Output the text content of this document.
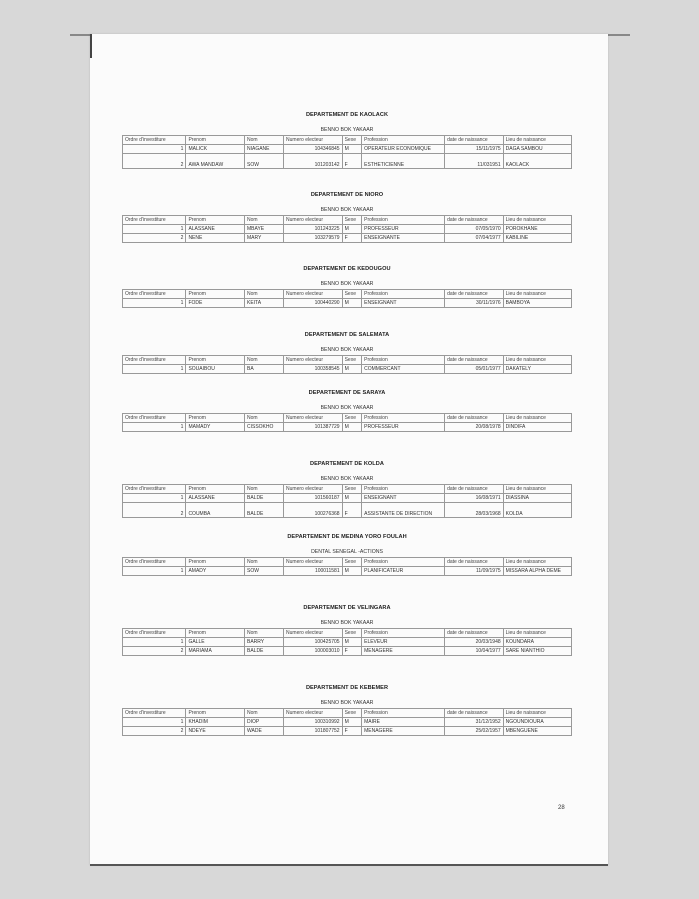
DEPARTEMENT DE KAOLACK
BENNO BOK YAKAAR
Ordre d'investiture	Prenom	Nom	Numero electeur	Sexe	Profession	date de naissance	Lieu de naissance
1	MALICK	NIAGANE	104346845	M	OPERATEUR ECONOMIQUE	15/11/1975	DAGA SAMBOU
2	AWA MANDAW	SOW	101203142	F	ESTHETICIENNE	11/031951	KAOLACK
DEPARTEMENT DE NIORO
BENNO BOK YAKAAR
Ordre d'investiture	Prenom	Nom	Numero electeur	Sexe	Profession	date de naissance	Lieu de naissance
1	ALASSANE	MBAYE	101243225	M	PROFESSEUR	07/05/1970	POROKHANE
2	NENE	MARY	103279579	F	ENSEIGNANTE	07/04/1977	KABILINE
DEPARTEMENT DE KEDOUGOU
BENNO BOK YAKAAR
Ordre d'investiture	Prenom	Nom	Numero electeur	Sexe	Profession	date de naissance	Lieu de naissance
1	FODE	KEITA	100440290	M	ENSEIGNANT	30/11/1976	BAMBOYA
DEPARTEMENT DE SALEMATA
BENNO BOK YAKAAR
Ordre d'investiture	Prenom	Nom	Numero electeur	Sexe	Profession	date de naissance	Lieu de naissance
1	SOUAIBOU	BA	100358545	M	COMMERCANT	05/01/1977	DAKATELY
DEPARTEMENT DE SARAYA
BENNO BOK YAKAAR
Ordre d'investiture	Prenom	Nom	Numero electeur	Sexe	Profession	date de naissance	Lieu de naissance
1	MAMADY	CISSOKHO	101387729	M	PROFESSEUR	20/08/1978	DINDIFA
DEPARTEMENT DE KOLDA
BENNO BOK YAKAAR
Ordre d'investiture	Prenom	Nom	Numero electeur	Sexe	Profession	date de naissance	Lieu de naissance
1	ALASSANE	BALDE	101560187	M	ENSEIGNANT	16/08/1971	DIASSINA
2	COUMBA	BALDE	100276368	F	ASSISTANTE DE DIRECTION	28/03/1968	KOLDA
DEPARTEMENT DE MEDINA YORO FOULAH
DENTAL SENEGAL -ACTIONS
Ordre d'investiture	Prenom	Nom	Numero electeur	Sexe	Profession	date de naissance	Lieu de naissance
1	AMADY	SOW	100011581	M	PLANIFICATEUR	11/09/1975	MISSARA ALPHA DEME
DEPARTEMENT DE VELINGARA
BENNO BOK YAKAAR
Ordre d'investiture	Prenom	Nom	Numero electeur	Sexe	Profession	date de naissance	Lieu de naissance
1	GALLE	BARRY	100425705	M	ELEVEUR	20/03/1948	KOUNDARA
2	MARIAMA	BALDE	100003010	F	MENAGERE	10/04/1977	SARE NIANTHIO
DEPARTEMENT DE KEBEMER
BENNO BOK YAKAAR
Ordre d'investiture	Prenom	Nom	Numero electeur	Sexe	Profession	date de naissance	Lieu de naissance
1	KHADIM	DIOP	100310992	M	MAIRE	31/12/1952	NGOUNDIOURA
2	NDEYE	WADE	101807752	F	MENAGERE	25/02/1957	MBENGUENE
28
